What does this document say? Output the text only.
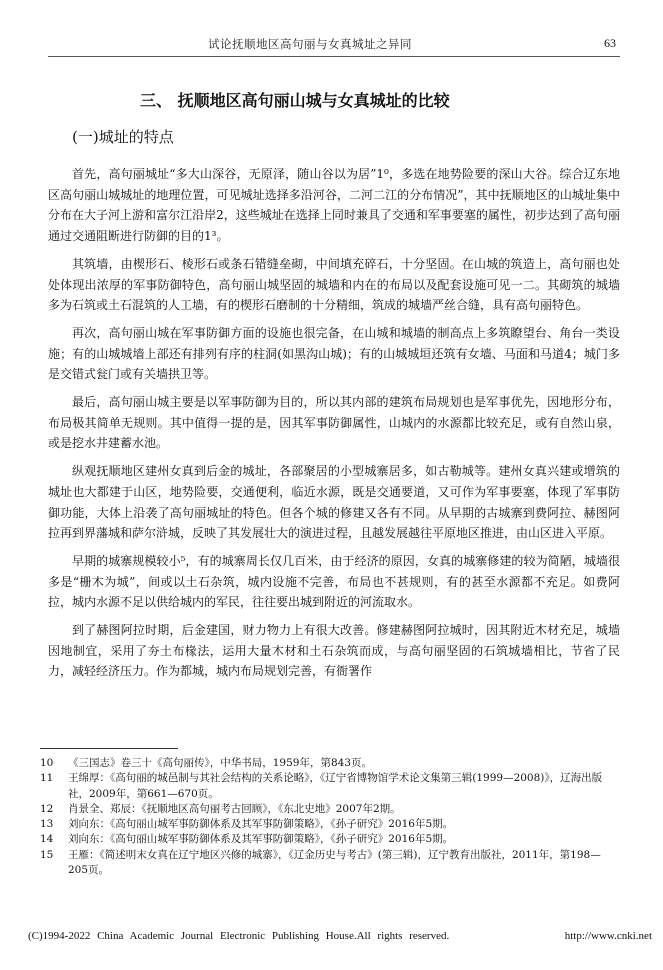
试论抚顺地区高句丽与女真城址之异同	63
三、 抚顺地区高句丽山城与女真城址的比较
(一)城址的特点

首先，高句丽城址“多大山深谷，无原泽，随山谷以为居”1⁰，多选在地势险要的深山大谷。综合辽东地区高句丽山城城址的地理位置，可见城址选择多沿河谷，二河二江的分布情况”，其中抚顺地区的山城址集中分布在大子河上游和富尔江沿岸2，这些城址在选择上同时兼具了交通和军事要塞的属性，初步达到了高句丽通过交通阻断进行防御的目的1³。

其筑墙，由楔形石、棱形石或条石错缝垒砌，中间填充碎石，十分坚固。在山城的筑造上，高句丽也处处体现出浓厚的军事防御特色，高句丽山城坚固的城墙和内在的布局以及配套设施可见一二。其砌筑的城墙多为石筑或土石混筑的人工墙，有的楔形石磨制的十分精细，筑成的城墙严丝合缝，具有高句丽特色。

再次，高句丽山城在军事防御方面的设施也很完备，在山城和城墙的制高点上多筑瞭望台、角台一类设施；有的山城城墙上部还有排列有序的柱洞(如黑沟山城)；有的山城城垣还筑有女墙、马面和马道4；城门多是交错式瓮门或有关墙拱卫等。

最后，高句丽山城主要是以军事防御为目的，所以其内部的建筑布局规划也是军事优先，因地形分布，布局极其简单无规则。其中值得一提的是，因其军事防御属性，山城内的水源都比较充足，或有自然山泉，或是挖水井建蓄水池。

纵观抚顺地区建州女真到后金的城址，各部聚居的小型城寨居多，如古勒城等。建州女真兴建或增筑的城址也大都建于山区，地势险要，交通便利，临近水源，既是交通要道，又可作为军事要塞，体现了军事防御功能，大体上沿袭了高句丽城址的特色。但各个城的修建又各有不同。从早期的古城寨到费阿拉、赫图阿拉再到界藩城和萨尔浒城，反映了其发展壮大的演进过程，且越发展越往平原地区推进，由山区进入平原。

早期的城寨规模较小⁵，有的城寨周长仅几百米，由于经济的原因，女真的城寨修建的较为简陋，城墙很多是“栅木为城”，间或以土石杂筑，城内设施不完善，布局也不甚规则，有的甚至水源都不充足。如费阿拉，城内水源不足以供给城内的军民，往往要出城到附近的河流取水。

到了赫图阿拉时期，后金建国，财力物力上有很大改善。修建赫图阿拉城时，因其附近木材充足，城墙因地制宜，采用了夯土布椽法，运用大量木材和土石杂筑而成，与高句丽坚固的石筑城墙相比，节省了民力，减轻经济压力。作为都城，城内布局规划完善，有衙署作

10	《三国志》卷三十《高句丽传》，中华书局，1959年，第843页。
11	王绵厚：《高句丽的城邑制与其社会结构的关系论略》，《辽宁省博物馆学术论文集第三辑(1999—2008)》，辽海出版社，2009年，第661—670页。
12	肖景全、郑辰：《抚顺地区高句丽考古回顾》，《东北史地》2007年2期。
13	刘向东：《高句丽山城军事防御体系及其军事防御策略》，《孙子研究》2016年5期。
14	刘向东：《高句丽山城军事防御体系及其军事防御策略》，《孙子研究》2016年5期。
15	王雁：《简述明末女真在辽宁地区兴修的城寨》，《辽金历史与考古》(第三辑)，辽宁教育出版社，2011年，第198—205页。
(C)1994-2022 China Academic Journal Electronic Publishing House.All rights reserved.	http://www.cnki.net
